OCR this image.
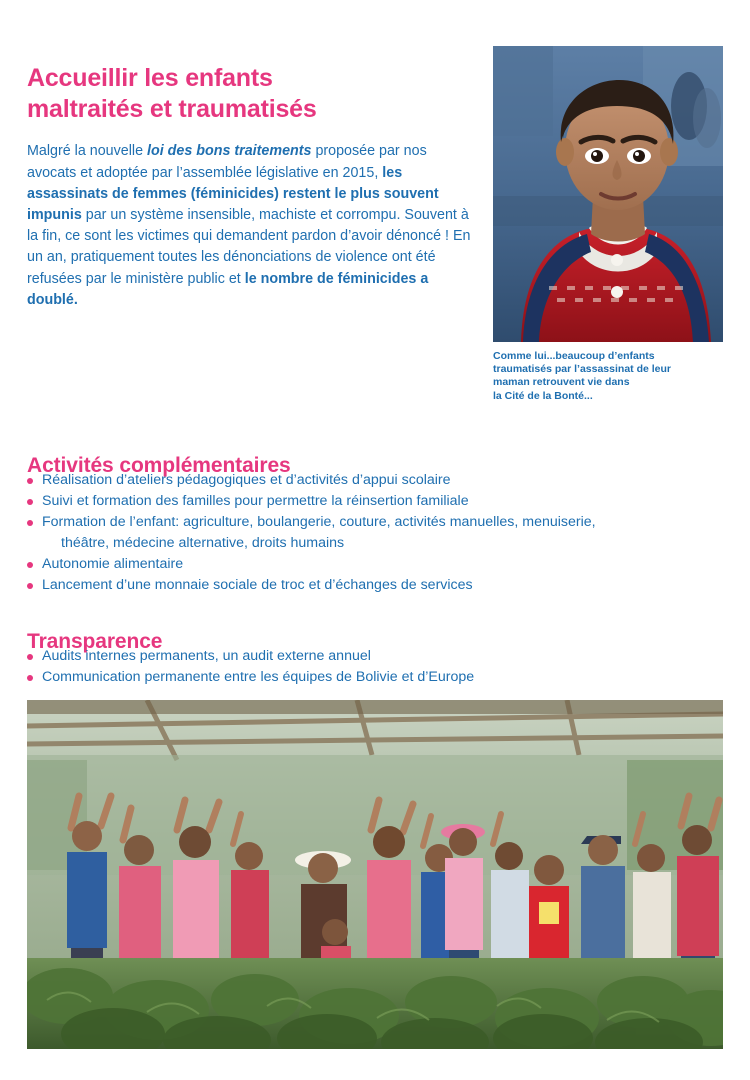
Accueillir les enfants
maltraités et traumatisés

Malgré la nouvelle loi des bons traitements proposée par nos avocats et adoptée par l’assemblée législative en 2015, les assassinats de femmes (féminicides) restent le plus souvent impunis par un système insensible, machiste et corrompu. Souvent à la fin, ce sont les victimes qui demandent pardon d’avoir dénoncé ! En un an, pratiquement toutes les dénonciations de violence ont été refusées par le ministère public et le nombre de féminicides a doublé.

Comme lui...beaucoup d’enfants
traumatisés par l’assassinat de leur
maman retrouvent vie dans
la Cité de la Bonté...
Activités complémentaires
Réalisation d’ateliers pédagogiques et d’activités d’appui scolaire
Suivi et formation des familles pour permettre la réinsertion familiale
Formation de l’enfant: agriculture, boulangerie, couture, activités manuelles, menuiserie,
théâtre, médecine alternative, droits humains
Autonomie alimentaire
Lancement d’une monnaie sociale de troc et d’échanges de services
Transparence
Audits internes permanents, un audit externe annuel
Communication permanente entre les équipes de Bolivie et d’Europe
